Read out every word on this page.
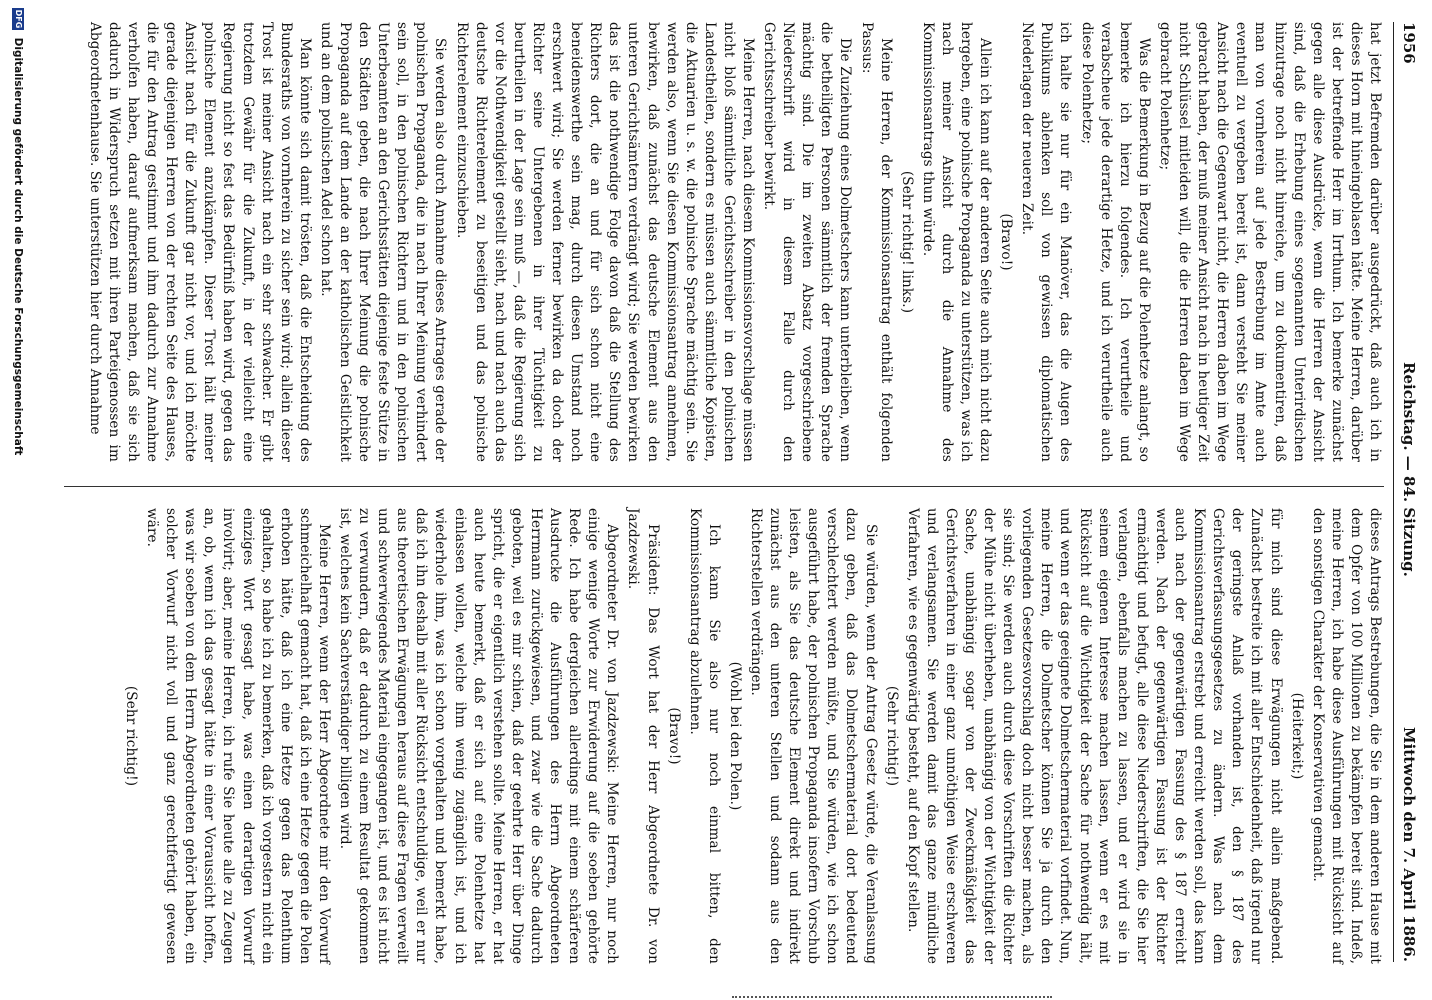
1956
Reichstag. — 84. Sitzung.
Mittwoch den 7. April 1886.

hat jetzt Befremden darüber ausgedrückt, daß auch ich in dieses Horn mit hineingeblasen hätte. Meine Herren, darüber ist der betreffende Herr im Irrthum. Ich bemerke zunächst gegen alle diese Ausdrücke, wenn die Herren der Ansicht sind, daß die Erhebung eines sogenannten Unterirdischen hinzutrage noch nicht hinreiche, um zu dokumentiren, daß man von vornherein auf jede Bestrebung im Amte auch eventuell zu vergeben bereit ist, dann versteht Sie meiner Ansicht nach die Gegenwart nicht, die Herren daben im Wege gebracht haben, der muß meiner Ansicht nach in heutiger Zeit nicht Schlüssel mitleiden will, die die Herren daben im Wege gebracht Polenhetze;

Was die Bemerkung in Bezug auf die Polenhetze anlangt, so bemerke ich hierzu folgendes. Ich verurtheile und verabscheue jede derartige Hetze, und ich verurtheile auch diese Polenhetze;

ich halte sie nur für ein Manöver, das die Augen des Publikums ablenken soll von gewissen diplomatischen Niederlagen der neueren Zeit.

(Bravo!)

Allein ich kann auf der anderen Seite auch mich nicht dazu hergeben, eine polnische Propaganda zu unterstützen, was ich nach meiner Ansicht durch die Annahme des Kommissionsantrags thun würde.

(Sehr richtig! links.)

Meine Herren, der Kommissionsantrag enthält folgenden Passus:

Die Zuziehung eines Dolmetschers kann unterbleiben, wenn die betheiligten Personen sämmtlich der fremden Sprache mächtig sind. Die im zweiten Absatz vorgeschriebene Niederschrift wird in diesem Falle durch den Gerichtsschreiber bewirkt.

Meine Herren, nach diesem Kommissionsvorschlage müssen nicht bloß sämmtliche Gerichtsschreiber in den polnischen Landestheilen, sondern es müssen auch sämmtliche Kopisten, die Aktuarien u. s. w. die polnische Sprache mächtig sein. Sie werden also, wenn Sie diesen Kommissionsantrag annehmen, bewirken, daß zunächst das deutsche Element aus den unteren Gerichtsämtern verdrängt wird; Sie werden bewirken das ist die nothwendige Folge davon daß die Stellung des Richters dort, die an und für sich schon nicht eine beneidenswerthe sein mag, durch diesen Umstand noch erschwert wird; Sie werden ferner bewirken da doch der Richter seine Untergebenen in ihrer Tüchtigkeit zu beurtheilen in der Lage sein muß —, daß die Regierung sich vor die Nothwendigkeit gestellt sieht, nach und nach auch das deutsche Richterelement zu beseitigen und das polnische Richterelement einzuschieben.

Sie werden also durch Annahme dieses Antrages gerade der polnischen Propaganda, die in nach Ihrer Meinung verhindert sein soll, in den polnischen Richtern und in den polnischen Unterbeamten an den Gerichtsstätten diejenige feste Stütze in den Städten geben, die nach Ihrer Meinung die polnische Propaganda auf dem Lande an der katholischen Geistlichkeit und an dem polnischen Adel schon hat.

Man könnte sich damit trösten, daß die Entscheidung des Bundesraths von vornherein zu sicher sein wird; allein dieser Trost ist meiner Ansicht nach ein sehr schwacher. Er gibt trotzdem Gewähr für die Zukunft, in der vielleicht eine Regierung nicht so fest das Bedürfniß haben wird, gegen das polnische Element anzukämpfen. Dieser Trost hält meiner Ansicht nach für die Zukunft gar nicht vor, und ich möchte gerade diejenigen Herren von der rechten Seite des Hauses, die für den Antrag gestimmt und ihm dadurch zur Annahme verholfen haben, darauf aufmerksam machen, daß sie sich dadurch in Widerspruch setzen mit ihren Parteigenossen im Abgeordnetenhause. Sie unterstützen hier durch Annahme

dieses Antrags Bestrebungen, die Sie in dem anderen Hause mit dem Opfer von 100 Millionen zu bekämpfen bereit sind. Indeß, meine Herren, ich habe diese Ausführungen mit Rücksicht auf den sonstigen Charakter der Konservativen gemacht.

(Heiterkeit;)

für mich sind diese Erwägungen nicht allein maßgebend. Zunächst bestreite ich mit aller Entschiedenheit, daß irgend nur der geringste Anlaß vorhanden ist, den § 187 des Gerichtsverfassungsgesetzes zu ändern. Was nach dem Kommissionsantrag erstrebt und erreicht werden soll, das kann auch nach der gegenwärtigen Fassung des § 187 erreicht werden. Nach der gegenwärtigen Fassung ist der Richter ermächtigt und befugt, alle diese Niederschriften, die Sie hier verlangen, ebenfalls machen zu lassen, und er wird sie in seinem eigenen Interesse machen lassen, wenn er es mit Rücksicht auf die Wichtigkeit der Sache für nothwendig hält, und wenn er das geeignete Dolmetschermaterial vorfindet. Nun, meine Herren, die Dolmetscher können Sie ja durch den vorliegenden Gesetzesvorschlag doch nicht besser machen, als sie sind; Sie werden auch durch diese Vorschriften die Richter der Mühe nicht überheben, unabhängig von der Wichtigkeit der Sache, unabhängig sogar von der Zweckmäßigkeit das Gerichtsverfahren in einer ganz unnöthigen Weise erschweren und verlangsamen. Sie werden damit das ganze mündliche Verfahren, wie es gegenwärtig besteht, auf den Kopf stellen.

(Sehr richtig!)

Sie würden, wenn der Antrag Gesetz würde, die Veranlassung dazu geben, daß das Dolmetschermaterial dort bedeutend verschlechtert werden müßte, und Sie würden, wie ich schon ausgeführt habe, der polnischen Propaganda insofern Vorschub leisten, als Sie das deutsche Element direkt und indirekt zunächst aus den unteren Stellen und sodann aus den Richterstellen verdrängen.

(Wohl bei den Polen.)

Ich kann Sie also nur noch einmal bitten, den Kommissionsantrag abzulehnen.

(Bravo!)

Präsident: Das Wort hat der Herr Abgeordnete Dr. von Jazdzewski.

Abgeordneter Dr. von Jazdzewski: Meine Herren, nur noch einige wenige Worte zur Erwiderung auf die soeben gehörte Rede. Ich habe dergleichen allerdings mit einem schärferen Ausdrucke die Ausführungen des Herrn Abgeordneten Herrmann zurückgewiesen, und zwar wie die Sache dadurch geboten, weil es mir schien, daß der geehrte Herr über Dinge spricht, die er eigentlich verstehen sollte. Meine Herren, er hat auch heute bemerkt, daß er sich auf eine Polenhetze hat einlassen wollen, welche ihm wenig zugänglich ist, und ich wiederhole ihm, was ich schon vorgehalten und bemerkt habe, daß ich ihn deshalb mit aller Rücksicht entschuldige, weil er nur aus theoretischen Erwägungen heraus auf diese Fragen verweilt und schwerwiegendes Material eingegangen ist, und es ist nicht zu verwundern, daß er dadurch zu einem Resultat gekommen ist, welches kein Sachverständiger billigen wird.

Meine Herren, wenn der Herr Abgeordnete mir den Vorwurf schmeichelhaft gemacht hat, daß ich eine Hetze gegen die Polen erhoben hätte, daß ich eine Hetze gegen das Polenthum gehalten, so habe ich zu bemerken, daß ich vorgestern nicht ein einziges Wort gesagt habe, was einen derartigen Vorwurf involvirt; aber, meine Herren, ich rufe Sie heute alle zu Zeugen an, ob, wenn ich das gesagt hätte in einer Voraussicht hoffen, was wir soeben von dem Herrn Abgeordneten gehört haben, ein solcher Vorwurf nicht voll und ganz gerechtfertigt gewesen wäre.

(Sehr richtig!)

DFG Digitalisierung gefördert durch die Deutsche Forschungsgemeinschaft
